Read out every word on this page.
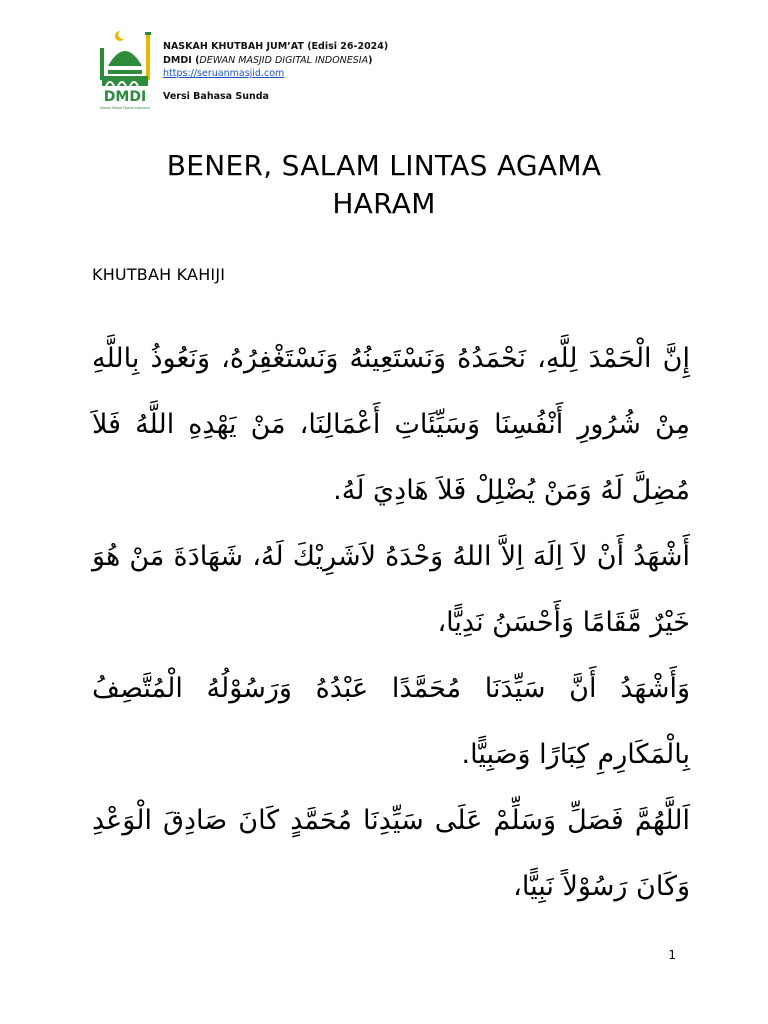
DMDI
Dewan Masjid Digital Indonesia
NASKAH KHUTBAH JUM’AT (Edisi 26-2024)
DMDI (DEWAN MASJID DIGITAL INDONESIA)
https://seruanmasjid.com
Versi Bahasa Sunda
BENER, SALAM LINTAS AGAMA
HARAM
KHUTBAH KAHIJI

إِنَّ الْحَمْدَ لِلَّهِ، نَحْمَدُهُ وَنَسْتَعِينُهُ وَنَسْتَغْفِرُهُ، وَنَعُوذُ بِاللَّهِ مِنْ شُرُورِ أَنْفُسِنَا وَسَيِّئَاتِ أَعْمَالِنَا، مَنْ يَهْدِهِ اللَّهُ فَلاَ مُضِلَّ لَهُ وَمَنْ يُضْلِلْ فَلاَ هَادِيَ لَهُ.

أَشْهَدُ أَنْ لاَ اِلَهَ اِلاَّ اللهُ وَحْدَهُ لاَشَرِيْكَ لَهُ، شَهَادَةَ مَنْ هُوَ خَيْرٌ مَّقَامًا وَأَحْسَنُ نَدِيًّا،

وَأَشْهَدُ أَنَّ سَيِّدَنَا مُحَمَّدًا عَبْدُهُ وَرَسُوْلُهُ الْمُتَّصِفُ بِالْمَكَارِمِ كِبَارًا وَصَبِيًّا.

اَللَّهُمَّ فَصَلِّ وَسَلِّمْ عَلَى سَيِّدِنَا مُحَمَّدٍ كَانَ صَادِقَ الْوَعْدِ وَكَانَ رَسُوْلاً نَبِيًّا،

1
